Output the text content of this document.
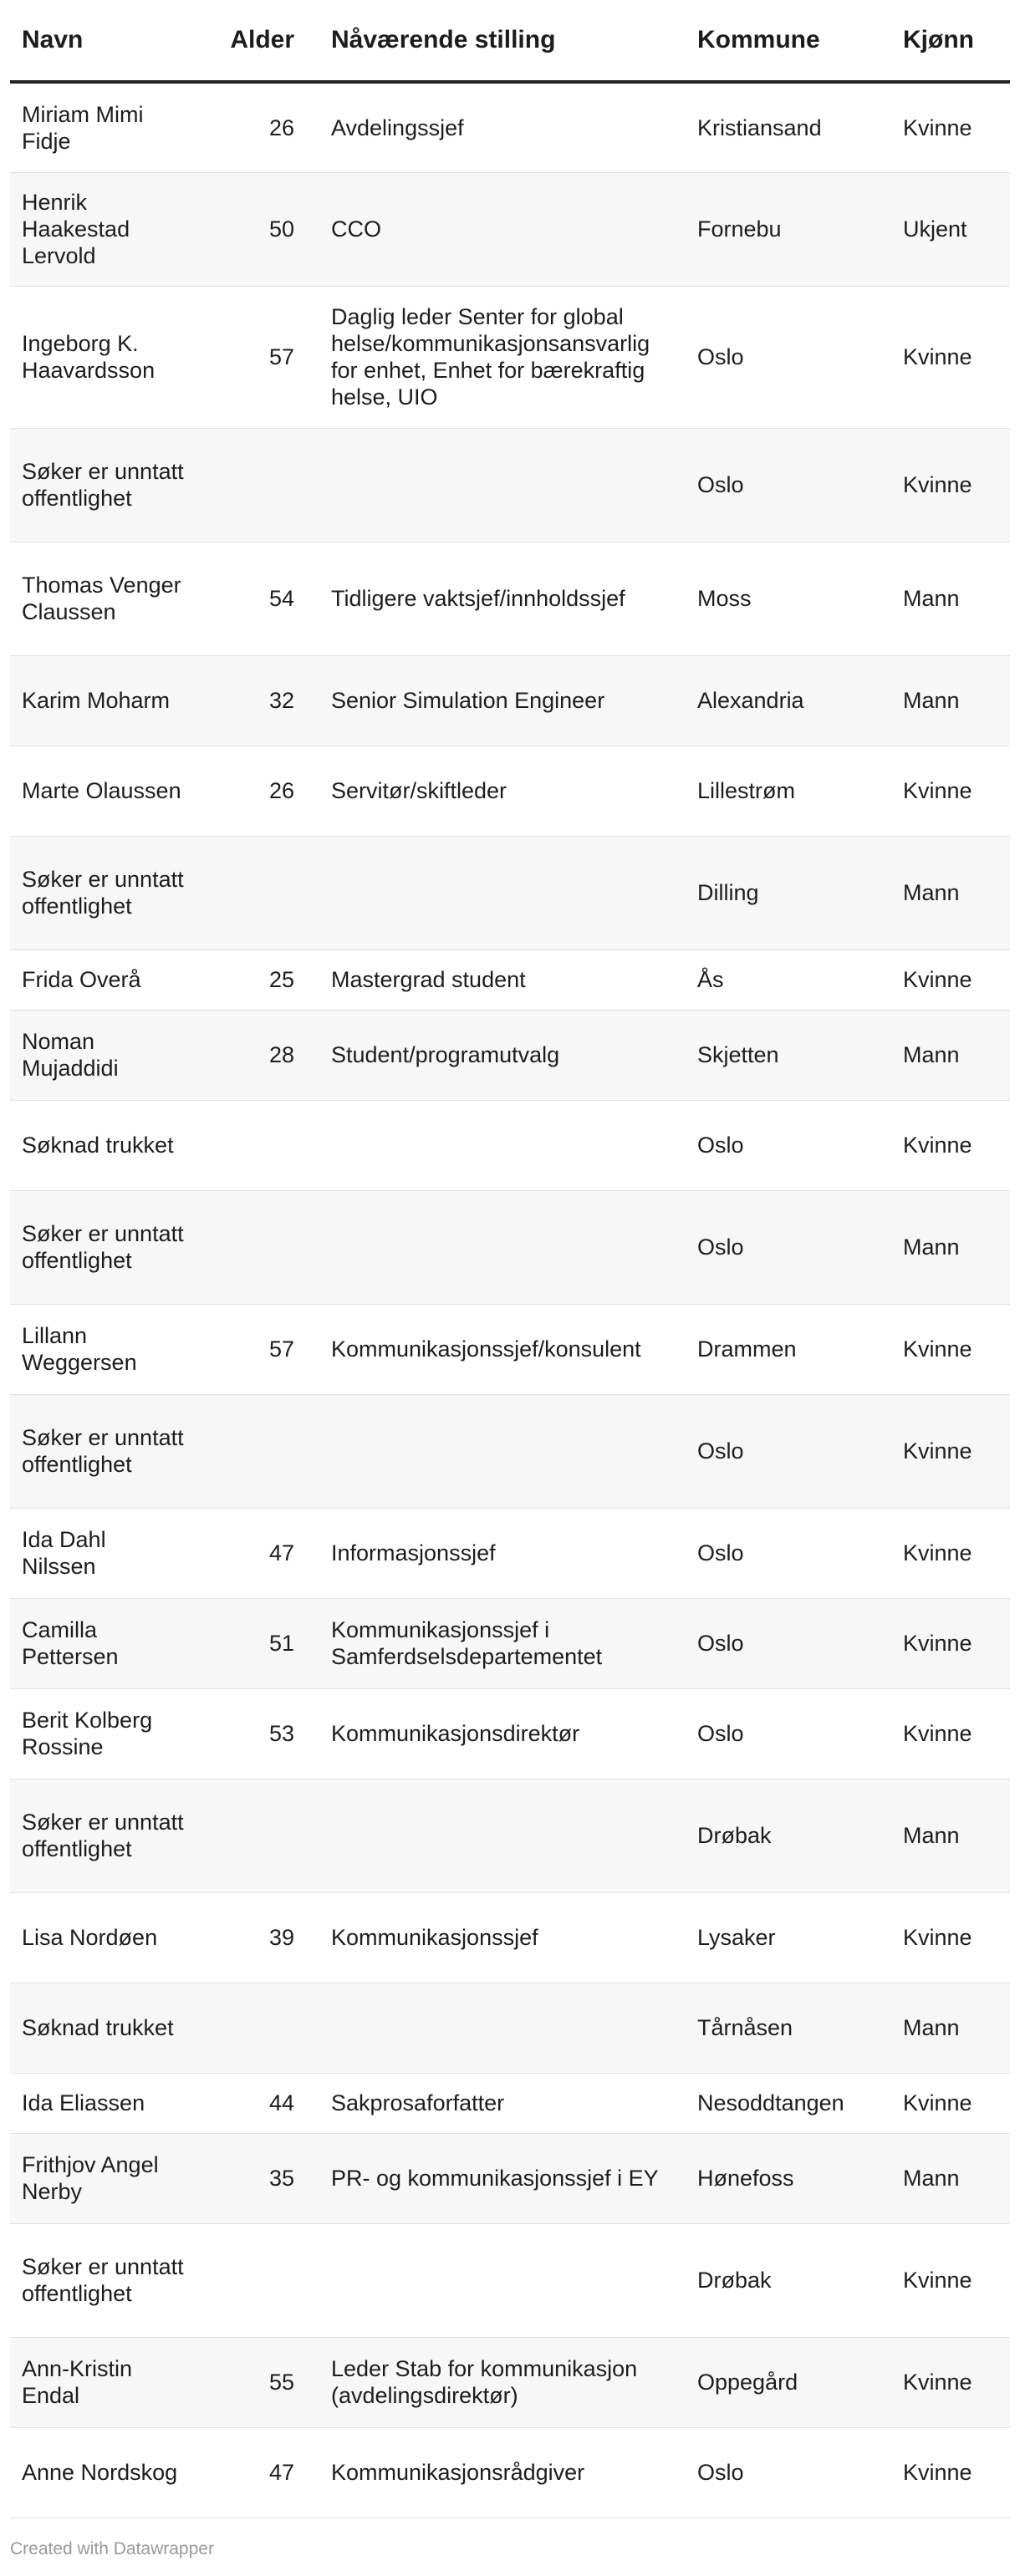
Navn	Alder	Nåværende stilling	Kommune	Kjønn
Miriam Mimi Fidje	26	Avdelingssjef	Kristiansand	Kvinne
Henrik Haakestad Lervold	50	CCO	Fornebu	Ukjent
Ingeborg K. Haavardsson	57	Daglig leder Senter for global helse/kommunikasjonsansvarlig for enhet, Enhet for bærekraftig helse, UIO	Oslo	Kvinne
Søker er unntatt offentlighet			Oslo	Kvinne
Thomas Venger Claussen	54	Tidligere vaktsjef/innholdssjef	Moss	Mann
Karim Moharm	32	Senior Simulation Engineer	Alexandria	Mann
Marte Olaussen	26	Servitør/skiftleder	Lillestrøm	Kvinne
Søker er unntatt offentlighet			Dilling	Mann
Frida Overå	25	Mastergrad student	Ås	Kvinne
Noman Mujaddidi	28	Student/programutvalg	Skjetten	Mann
Søknad trukket			Oslo	Kvinne
Søker er unntatt offentlighet			Oslo	Mann
Lillann Weggersen	57	Kommunikasjonssjef/konsulent	Drammen	Kvinne
Søker er unntatt offentlighet			Oslo	Kvinne
Ida Dahl Nilssen	47	Informasjonssjef	Oslo	Kvinne
Camilla Pettersen	51	Kommunikasjonssjef i Samferdselsdepartementet	Oslo	Kvinne
Berit Kolberg Rossine	53	Kommunikasjonsdirektør	Oslo	Kvinne
Søker er unntatt offentlighet			Drøbak	Mann
Lisa Nordøen	39	Kommunikasjonssjef	Lysaker	Kvinne
Søknad trukket			Tårnåsen	Mann
Ida Eliassen	44	Sakprosaforfatter	Nesoddtangen	Kvinne
Frithjov Angel Nerby	35	PR- og kommunikasjonssjef i EY	Hønefoss	Mann
Søker er unntatt offentlighet			Drøbak	Kvinne
Ann-Kristin Endal	55	Leder Stab for kommunikasjon (avdelingsdirektør)	Oppegård	Kvinne
Anne Nordskog	47	Kommunikasjonsrådgiver	Oslo	Kvinne
Created with Datawrapper
